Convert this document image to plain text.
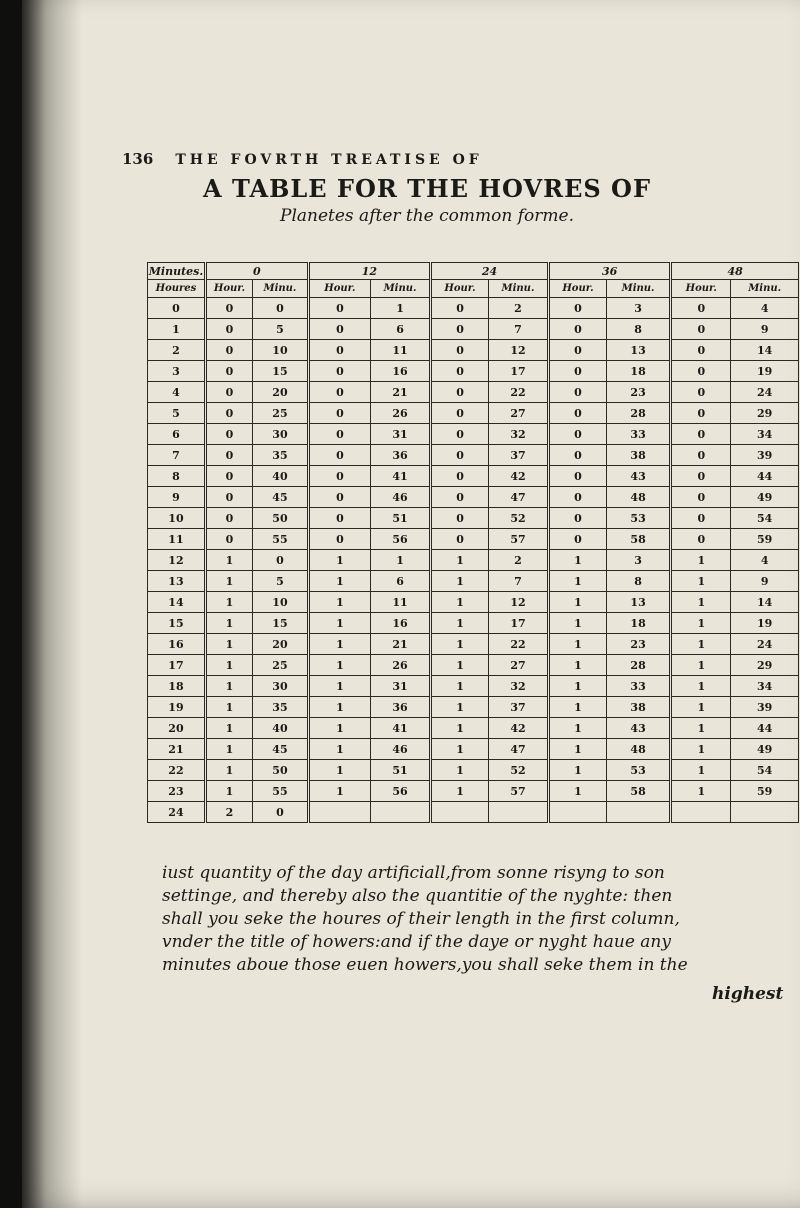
136 THE FOVRTH TREATISE OF
A TABLE FOR THE HOVRES OF
Planetes after the common forme.
Minutes.	0		12		24		36		48	
Houres	Hour.	Minu.	Hour.	Minu.	Hour.	Minu.	Hour.	Minu.	Hour.	Minu.
0	0	0	0	1	0	2	0	3	0	4
1	0	5	0	6	0	7	0	8	0	9
2	0	10	0	11	0	12	0	13	0	14
3	0	15	0	16	0	17	0	18	0	19
4	0	20	0	21	0	22	0	23	0	24
5	0	25	0	26	0	27	0	28	0	29
6	0	30	0	31	0	32	0	33	0	34
7	0	35	0	36	0	37	0	38	0	39
8	0	40	0	41	0	42	0	43	0	44
9	0	45	0	46	0	47	0	48	0	49
10	0	50	0	51	0	52	0	53	0	54
11	0	55	0	56	0	57	0	58	0	59
12	1	0	1	1	1	2	1	3	1	4
13	1	5	1	6	1	7	1	8	1	9
14	1	10	1	11	1	12	1	13	1	14
15	1	15	1	16	1	17	1	18	1	19
16	1	20	1	21	1	22	1	23	1	24
17	1	25	1	26	1	27	1	28	1	29
18	1	30	1	31	1	32	1	33	1	34
19	1	35	1	36	1	37	1	38	1	39
20	1	40	1	41	1	42	1	43	1	44
21	1	45	1	46	1	47	1	48	1	49
22	1	50	1	51	1	52	1	53	1	54
23	1	55	1	56	1	57	1	58	1	59
24	2	0								
iust quantity of the day artificiall,from sonne risyng to son
settinge, and thereby also the quantitie of the nyghte: then
shall you seke the houres of their length in the first column,
vnder the title of howers:and if the daye or nyght haue any
minutes aboue those euen howers,you shall seke them in the
highest
